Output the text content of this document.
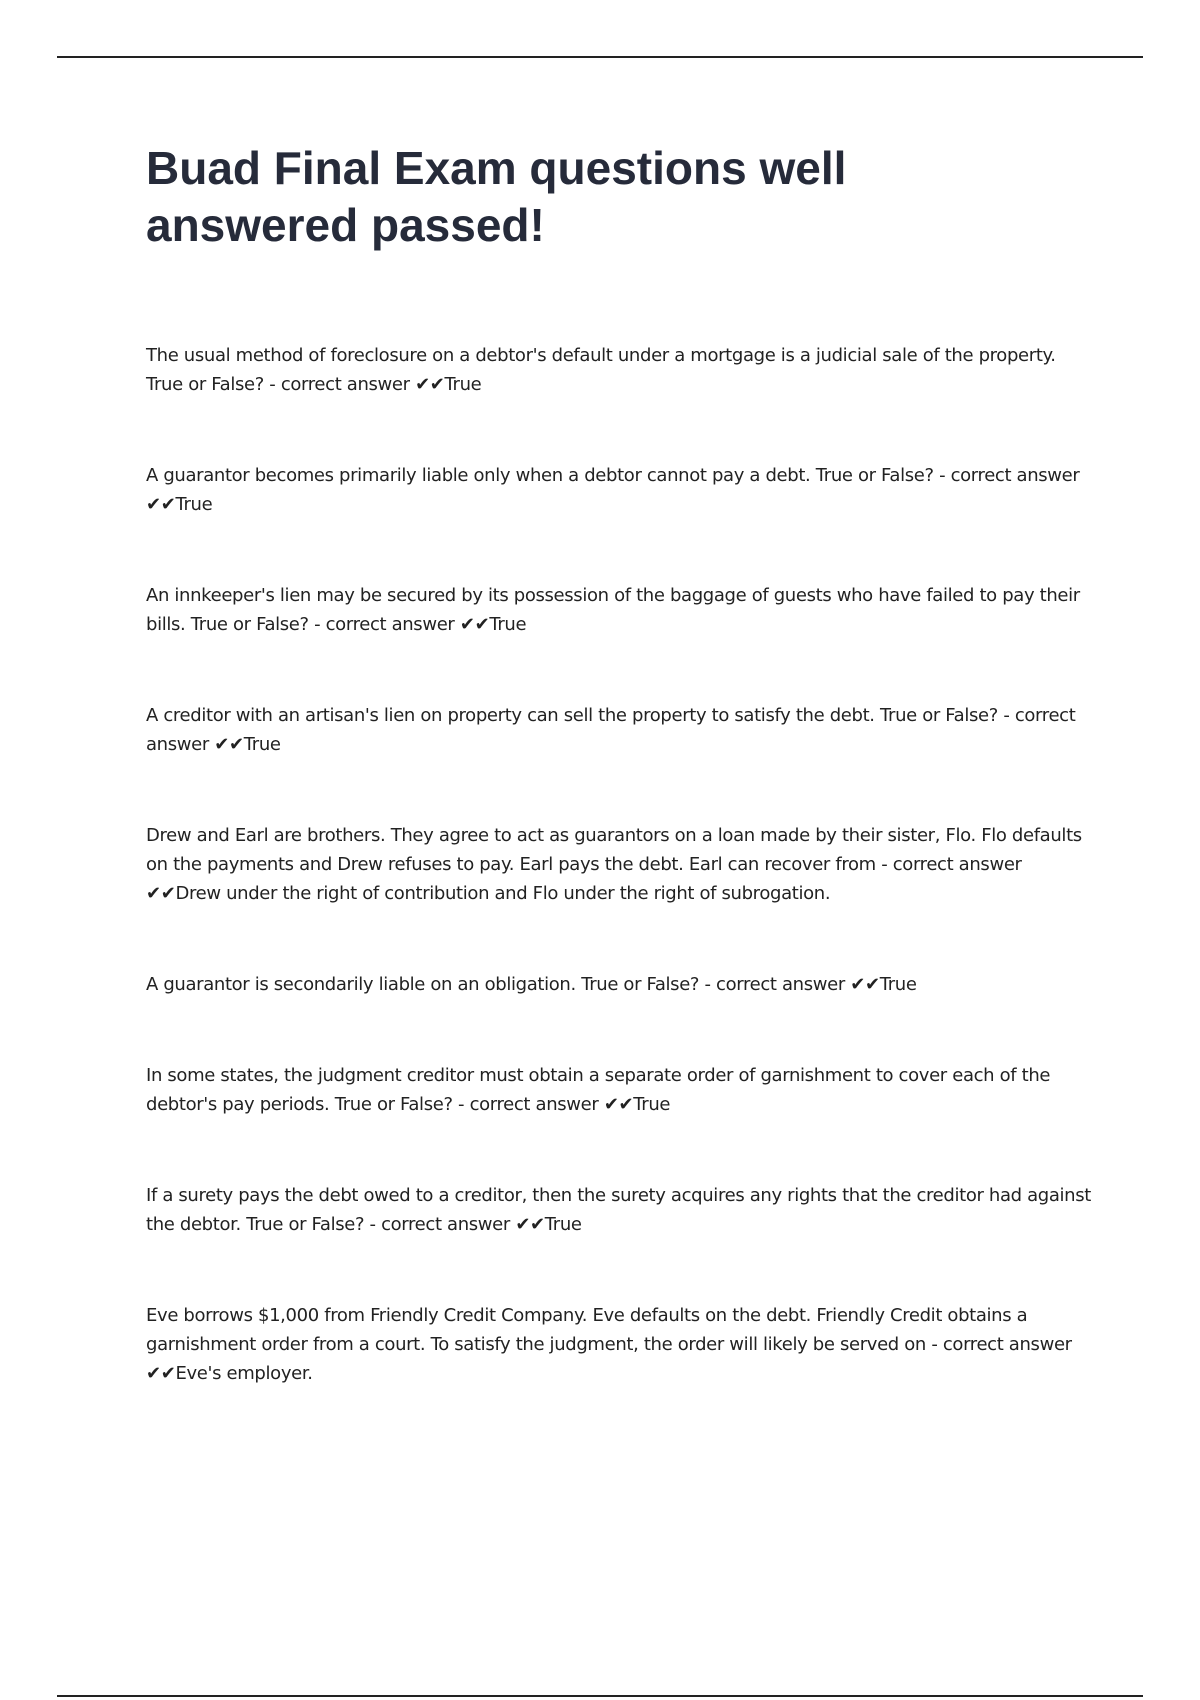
Buad Final Exam questions well answered passed!

The usual method of foreclosure on a debtor's default under a mortgage is a judicial sale of the property. True or False? - correct answer ✔✔True

A guarantor becomes primarily liable only when a debtor cannot pay a debt. True or False? - correct answer ✔✔True

An innkeeper's lien may be secured by its possession of the baggage of guests who have failed to pay their bills. True or False? - correct answer ✔✔True

A creditor with an artisan's lien on property can sell the property to satisfy the debt. True or False? - correct answer ✔✔True

Drew and Earl are brothers. They agree to act as guarantors on a loan made by their sister, Flo. Flo defaults on the payments and Drew refuses to pay. Earl pays the debt. Earl can recover from - correct answer ✔✔Drew under the right of contribution and Flo under the right of subrogation.

A guarantor is secondarily liable on an obligation. True or False? - correct answer ✔✔True

In some states, the judgment creditor must obtain a separate order of garnishment to cover each of the debtor's pay periods. True or False? - correct answer ✔✔True

If a surety pays the debt owed to a creditor, then the surety acquires any rights that the creditor had against the debtor. True or False? - correct answer ✔✔True

Eve borrows $1,000 from Friendly Credit Company. Eve defaults on the debt. Friendly Credit obtains a garnishment order from a court. To satisfy the judgment, the order will likely be served on - correct answer ✔✔Eve's employer.
